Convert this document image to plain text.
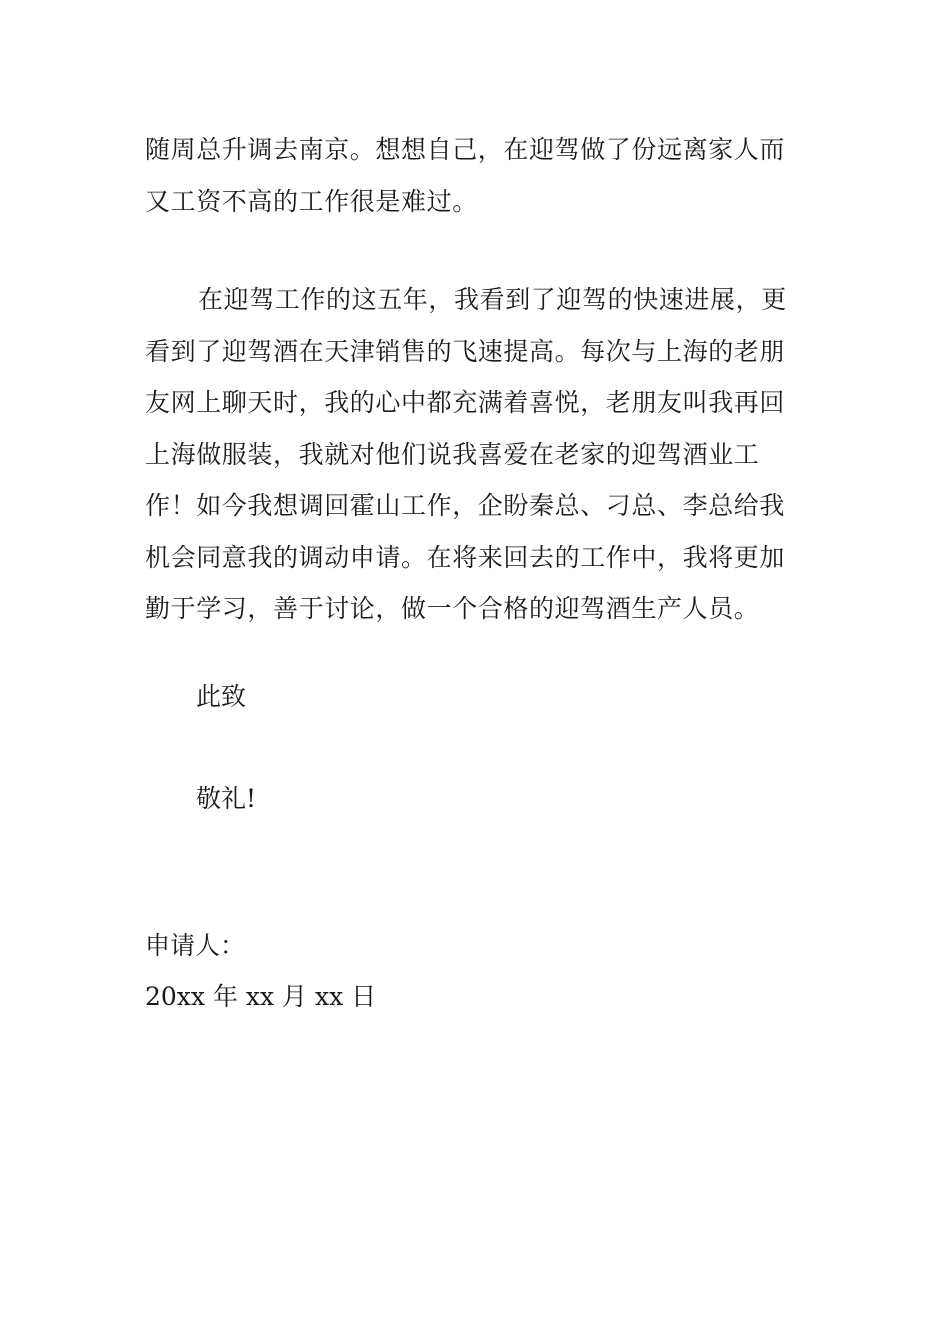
随周总升调去南京。想想自己，在迎驾做了份远离家人而又工资不高的工作很是难过。

在迎驾工作的这五年，我看到了迎驾的快速进展，更看到了迎驾酒在天津销售的飞速提高。每次与上海的老朋友网上聊天时，我的心中都充满着喜悦，老朋友叫我再回上海做服装，我就对他们说我喜爱在老家的迎驾酒业工作！如今我想调回霍山工作，企盼秦总、刁总、李总给我机会同意我的调动申请。在将来回去的工作中，我将更加勤于学习，善于讨论，做一个合格的迎驾酒生产人员。

此致

敬礼!

申请人：

20xx 年 xx 月 xx 日
